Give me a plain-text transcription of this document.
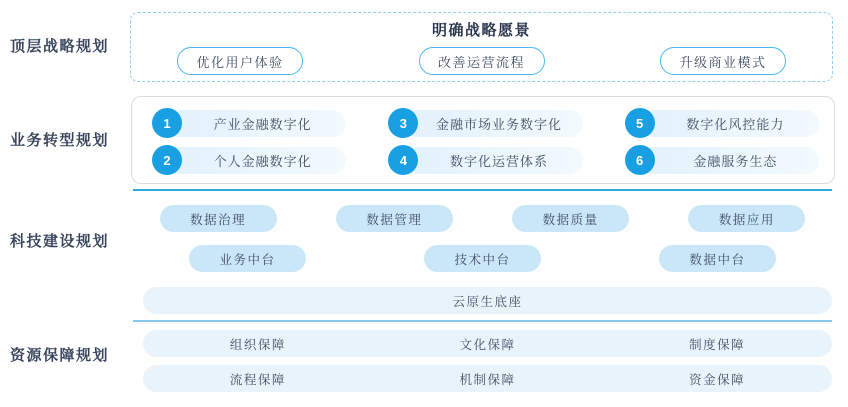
顶层战略规划
业务转型规划
科技建设规划
资源保障规划
明确战略愿景
优化用户体验	改善运营流程	升级商业模式
1	产业金融数字化	3	金融市场业务数字化	5	数字化风控能力
2	个人金融数字化	4	数字化运营体系	6	金融服务生态
数据治理	数据管理	数据质量	数据应用
业务中台	技术中台	数据中台
云原生底座
组织保障	文化保障	制度保障
流程保障	机制保障	资金保障
